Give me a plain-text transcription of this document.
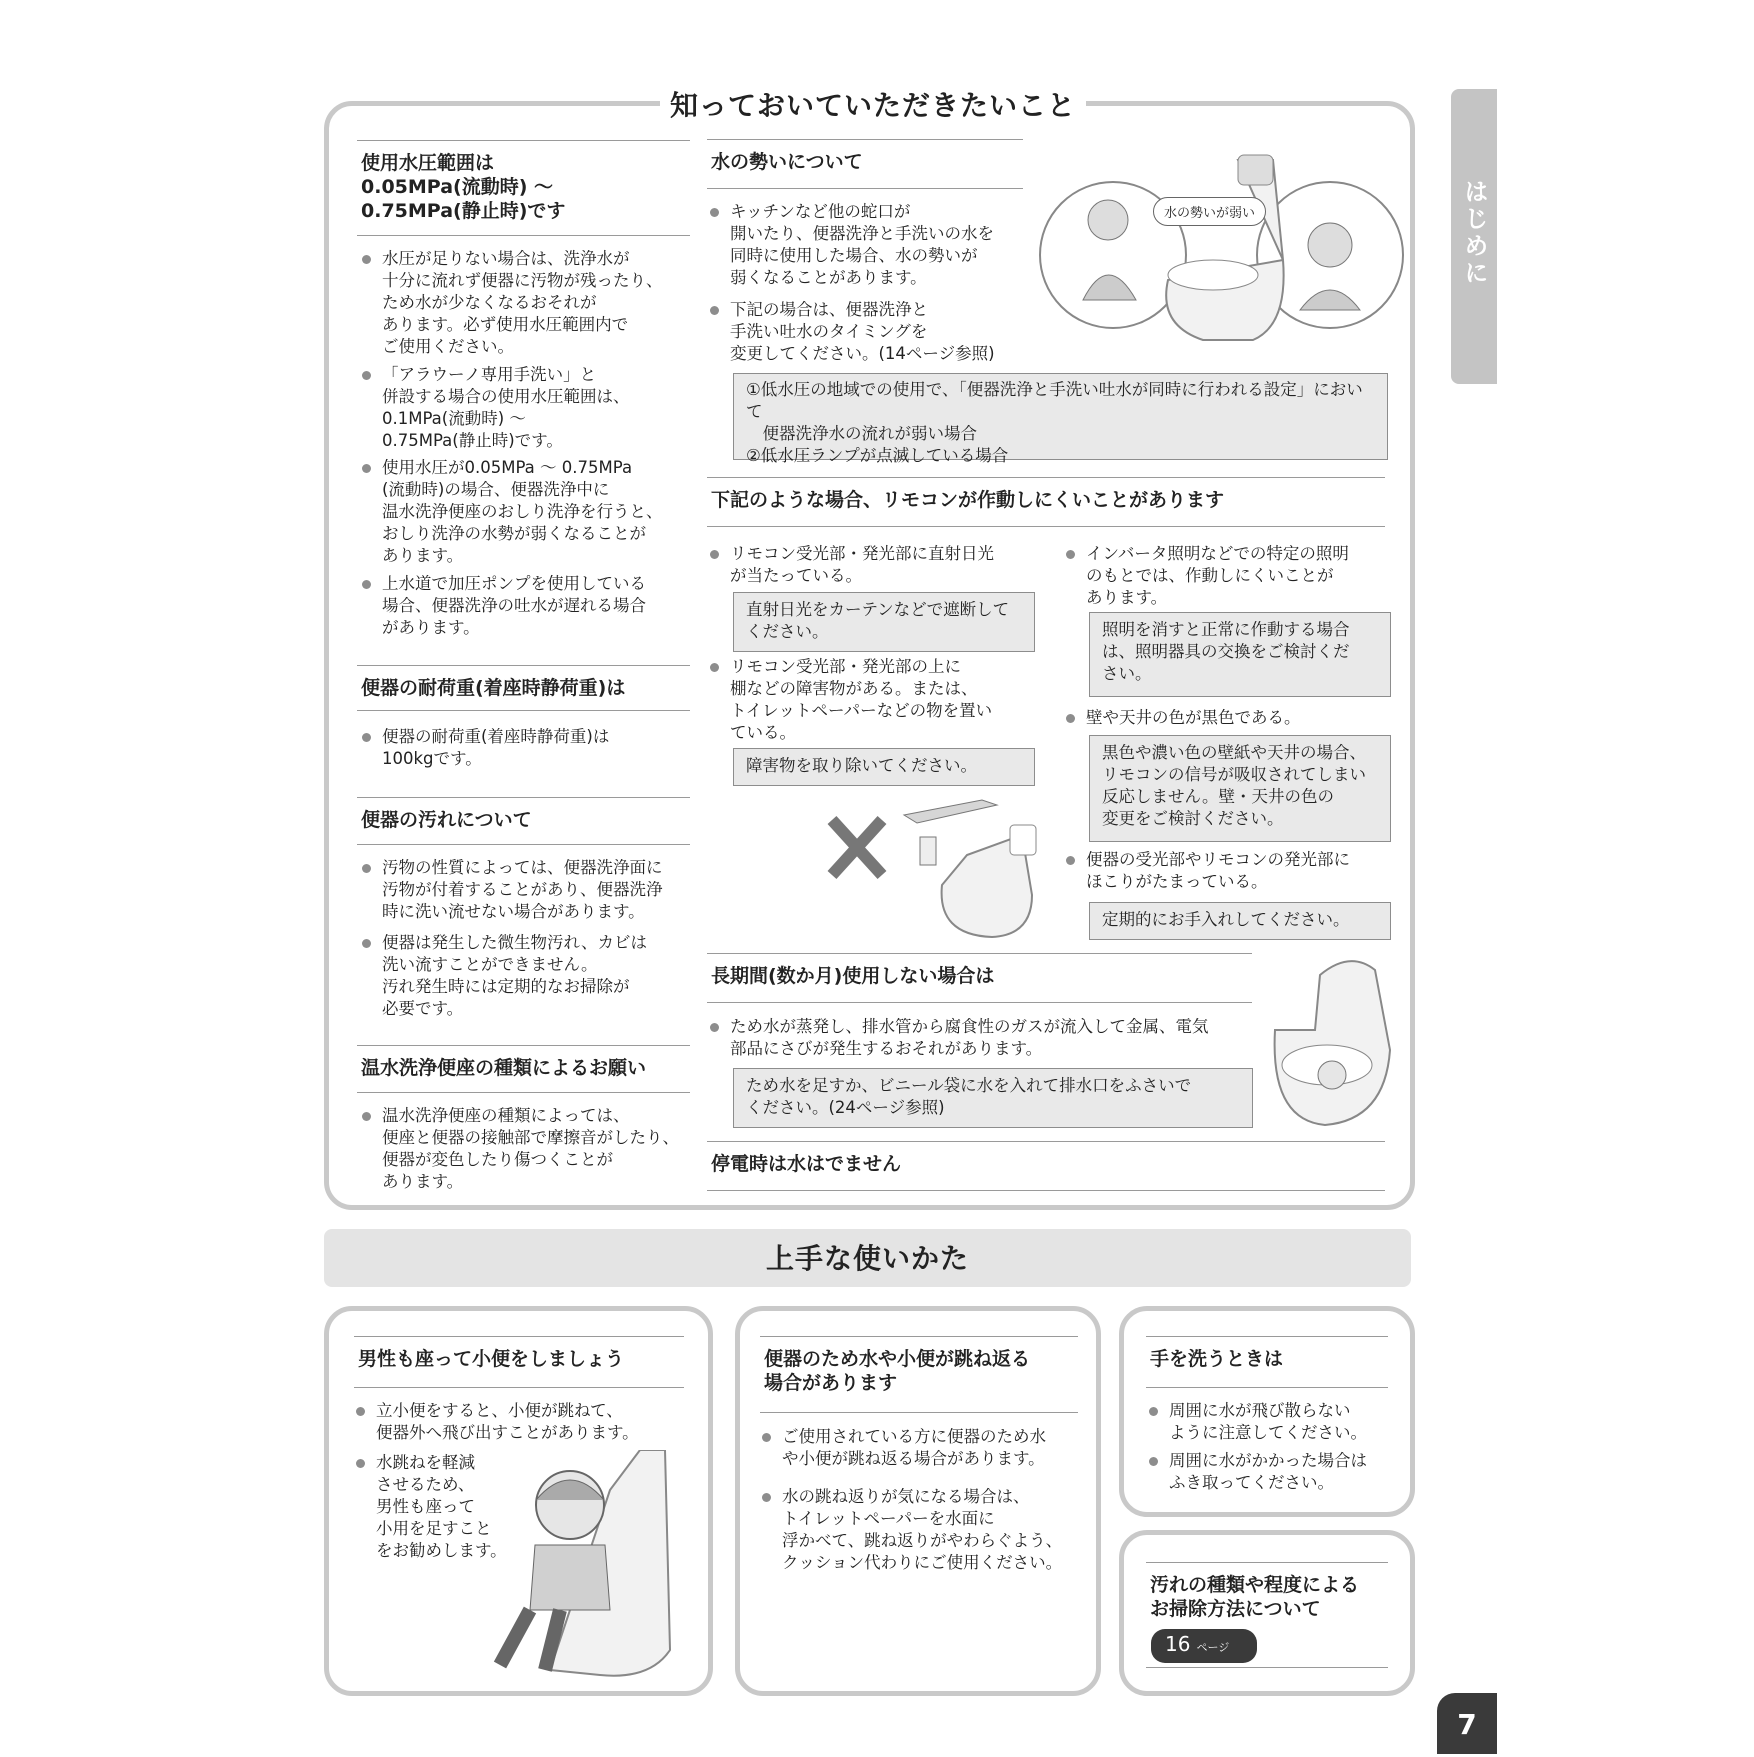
はじめに
7
知っておいていただきたいこと
使用水圧範囲は
0.05MPa(流動時) ～
0.75MPa(静止時)です
水圧が足りない場合は、洗浄水が
十分に流れず便器に汚物が残ったり、
ため水が少なくなるおそれが
あります。必ず使用水圧範囲内で
ご使用ください。
「アラウーノ専用手洗い」と
併設する場合の使用水圧範囲は、
0.1MPa(流動時) ～
0.75MPa(静止時)です。
使用水圧が0.05MPa ～ 0.75MPa
(流動時)の場合、便器洗浄中に
温水洗浄便座のおしり洗浄を行うと、
おしり洗浄の水勢が弱くなることが
あります。
上水道で加圧ポンプを使用している
場合、便器洗浄の吐水が遅れる場合
があります。
便器の耐荷重(着座時静荷重)は
便器の耐荷重(着座時静荷重)は
100kgです。
便器の汚れについて
汚物の性質によっては、便器洗浄面に
汚物が付着することがあり、便器洗浄
時に洗い流せない場合があります。
便器は発生した微生物汚れ、カビは
洗い流すことができません。
汚れ発生時には定期的なお掃除が
必要です。
温水洗浄便座の種類によるお願い
温水洗浄便座の種類によっては、
便座と便器の接触部で摩擦音がしたり、
便器が変色したり傷つくことが
あります。
水の勢いについて
キッチンなど他の蛇口が
開いたり、便器洗浄と手洗いの水を
同時に使用した場合、水の勢いが
弱くなることがあります。
下記の場合は、便器洗浄と
手洗い吐水のタイミングを
変更してください。(14ページ参照)
①低水圧の地域での使用で、「便器洗浄と手洗い吐水が同時に行われる設定」において
　便器洗浄水の流れが弱い場合
②低水圧ランプが点滅している場合
水の勢いが弱い
下記のような場合、リモコンが作動しにくいことがあります
リモコン受光部・発光部に直射日光
が当たっている。
直射日光をカーテンなどで遮断して
ください。
リモコン受光部・発光部の上に
棚などの障害物がある。または、
トイレットペーパーなどの物を置い
ている。
障害物を取り除いてください。
インバータ照明などでの特定の照明
のもとでは、作動しにくいことが
あります。
照明を消すと正常に作動する場合
は、照明器具の交換をご検討くだ
さい。
壁や天井の色が黒色である。
黒色や濃い色の壁紙や天井の場合、
リモコンの信号が吸収されてしまい
反応しません。壁・天井の色の
変更をご検討ください。
便器の受光部やリモコンの発光部に
ほこりがたまっている。
定期的にお手入れしてください。
長期間(数か月)使用しない場合は
ため水が蒸発し、排水管から腐食性のガスが流入して金属、電気
部品にさびが発生するおそれがあります。
ため水を足すか、ビニール袋に水を入れて排水口をふさいで
ください。(24ページ参照)
停電時は水はでません
上手な使いかた
男性も座って小便をしましょう
立小便をすると、小便が跳ねて、
便器外へ飛び出すことがあります。
水跳ねを軽減
させるため、
男性も座って
小用を足すこと
をお勧めします。
便器のため水や小便が跳ね返る
場合があります
ご使用されている方に便器のため水
や小便が跳ね返る場合があります。
水の跳ね返りが気になる場合は、
トイレットペーパーを水面に
浮かべて、跳ね返りがやわらぐよう、
クッション代わりにご使用ください。
手を洗うときは
周囲に水が飛び散らない
ように注意してください。
周囲に水がかかった場合は
ふき取ってください。
汚れの種類や程度による
お掃除方法について
16 ページ
